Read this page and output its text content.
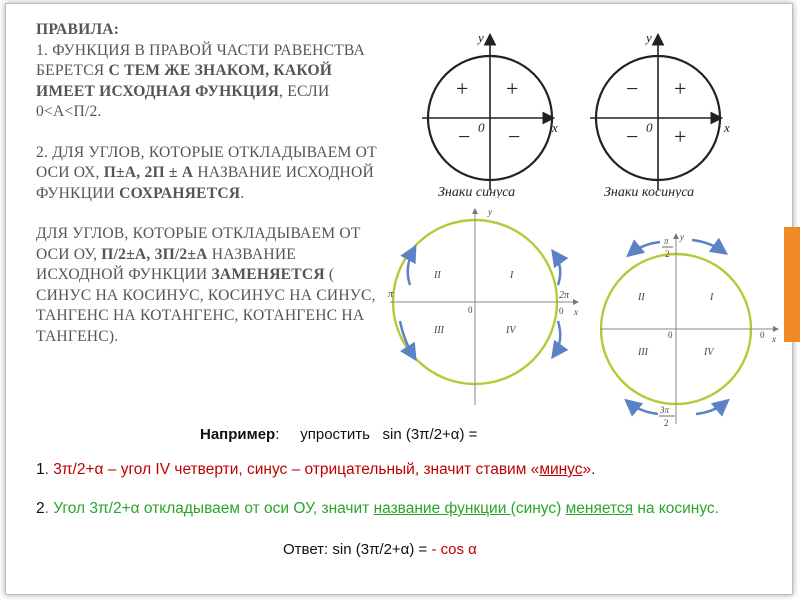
ПРАВИЛА:

1. ФУНКЦИЯ В ПРАВОЙ ЧАСТИ РАВЕНСТВА БЕРЕТСЯ С ТЕМ ЖЕ ЗНАКОМ, КАКОЙ ИМЕЕТ ИСХОДНАЯ ФУНКЦИЯ, ЕСЛИ 0<A<П/2.

2. ДЛЯ УГЛОВ, КОТОРЫЕ ОТКЛАДЫВАЕМ ОТ ОСИ ОХ, П±А, 2П ± А НАЗВАНИЕ ИСХОДНОЙ ФУНКЦИИ СОХРАНЯЕТСЯ.

ДЛЯ УГЛОВ, КОТОРЫЕ ОТКЛАДЫВАЕМ ОТ ОСИ ОУ, П/2±А, 3П/2±А НАЗВАНИЕ ИСХОДНОЙ ФУНКЦИИ ЗАМЕНЯЕТСЯ ( СИНУС НА КОСИНУС, КОСИНУС НА СИНУС, ТАНГЕНС НА КОТАНГЕНС, КОТАНГЕНС НА ТАНГЕНС).

y
x
0
+ +
− −
Знаки синуса
y
x
0
− +
− +
Знаки косинуса
y
x
0
π	2π
0
II	I
III	IV
y
x
0	0
π
2
II	I
III	IV
3π
2
Например: упростить   sin (3π/2+α) =
1. 3π/2+α – угол IV четверти, синус – отрицательный, значит ставим «минус».
2. Угол 3π/2+α откладываем от оси ОУ, значит название функции (синус) меняется на косинус.
Ответ: sin (3π/2+α) = - cos α
